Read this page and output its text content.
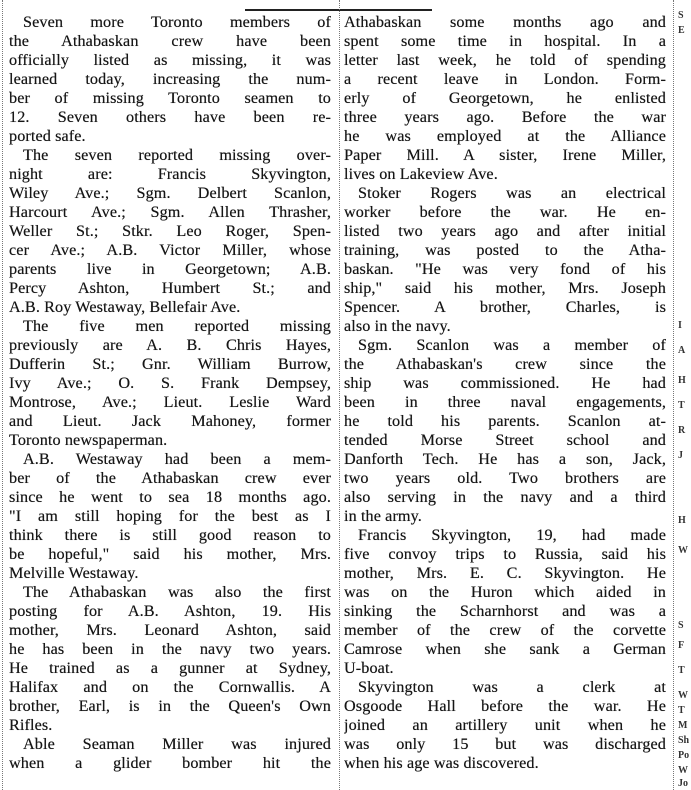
Seven more Toronto members of
the Athabaskan crew have been
officially listed as missing, it was
learned today, increasing the num-
ber of missing Toronto seamen to
12. Seven others have been re-
ported safe.
The seven reported missing over-
night are: Francis Skyvington,
Wiley Ave.; Sgm. Delbert Scanlon,
Harcourt Ave.; Sgm. Allen Thrasher,
Weller St.; Stkr. Leo Roger, Spen-
cer Ave.; A.B. Victor Miller, whose
parents live in Georgetown; A.B.
Percy Ashton, Humbert St.; and
A.B. Roy Westaway, Bellefair Ave.
The five men reported missing
previously are A. B. Chris Hayes,
Dufferin St.; Gnr. William Burrow,
Ivy Ave.; O. S. Frank Dempsey,
Montrose, Ave.; Lieut. Leslie Ward
and Lieut. Jack Mahoney, former
Toronto newspaperman.
A.B. Westaway had been a mem-
ber of the Athabaskan crew ever
since he went to sea 18 months ago.
"I am still hoping for the best as I
think there is still good reason to
be hopeful," said his mother, Mrs.
Melville Westaway.
The Athabaskan was also the first
posting for A.B. Ashton, 19. His
mother, Mrs. Leonard Ashton, said
he has been in the navy two years.
He trained as a gunner at Sydney,
Halifax and on the Cornwallis. A
brother, Earl, is in the Queen's Own
Rifles.
Able Seaman Miller was injured
when a glider bomber hit the
Athabaskan some months ago and
spent some time in hospital. In a
letter last week, he told of spending
a recent leave in London. Form-
erly of Georgetown, he enlisted
three years ago. Before the war
he was employed at the Alliance
Paper Mill. A sister, Irene Miller,
lives on Lakeview Ave.
Stoker Rogers was an electrical
worker before the war. He en-
listed two years ago and after initial
training, was posted to the Atha-
baskan. "He was very fond of his
ship," said his mother, Mrs. Joseph
Spencer. A brother, Charles, is
also in the navy.
Sgm. Scanlon was a member of
the Athabaskan's crew since the
ship was commissioned. He had
been in three naval engagements,
he told his parents. Scanlon at-
tended Morse Street school and
Danforth Tech. He has a son, Jack,
two years old. Two brothers are
also serving in the navy and a third
in the army.
Francis Skyvington, 19, had made
five convoy trips to Russia, said his
mother, Mrs. E. C. Skyvington. He
was on the Huron which aided in
sinking the Scharnhorst and was a
member of the crew of the corvette
Camrose when she sank a German
U-boat.
Skyvington was a clerk at
Osgoode Hall before the war. He
joined an artillery unit when he
was only 15 but was discharged
when his age was discovered.
S
E
I
A
H
T
R
J
H
W
S
F
T
W
T
M
Sh
Po
W
Jo
